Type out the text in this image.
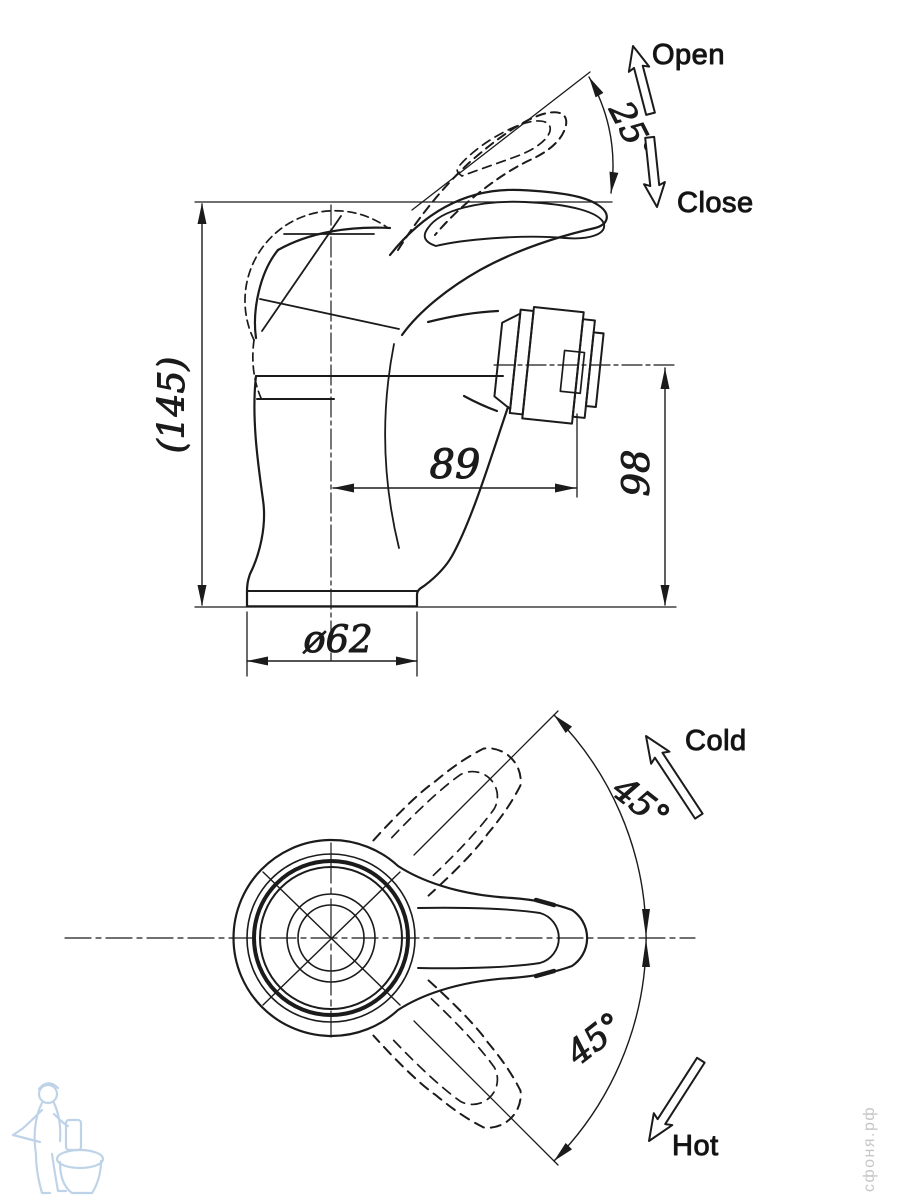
(145)
25°
Open
Close
89	98
ø62
45°
45°
Cold
Hot	сфоня.рф
